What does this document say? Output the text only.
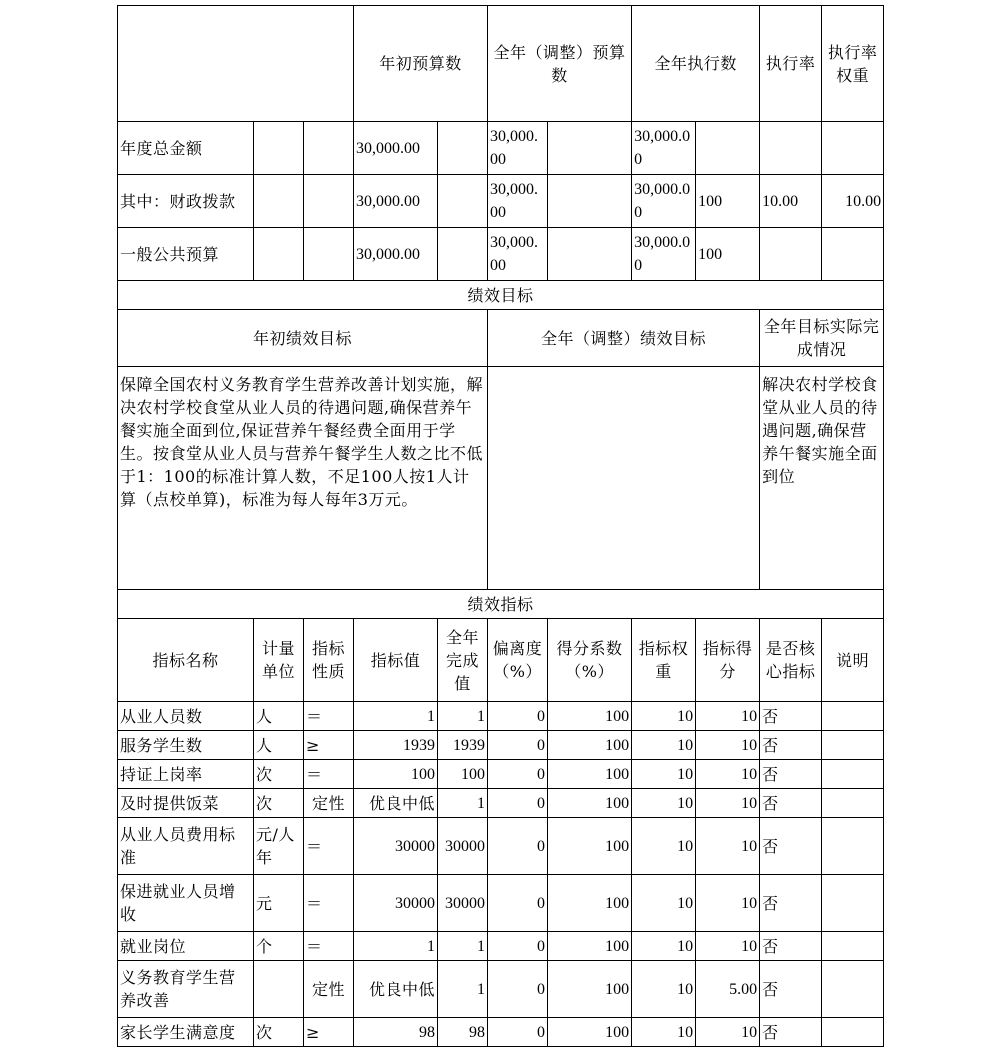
			年初预算数		全年（调整）预算数		全年执行数		执行率	执行率权重	
年度总金额			30,000.00		30,000.00		30,000.00				
其中：财政拨款			30,000.00		30,000.00		30,000.00	100	10.00	10.00	
一般公共预算			30,000.00		30,000.00		30,000.00	100			
绩效目标											
年初绩效目标					全年（调整）绩效目标				全年目标实际完成情况		
保障全国农村义务教育学生营养改善计划实施，解决农村学校食堂从业人员的待遇问题,确保营养午餐实施全面到位,保证营养午餐经费全面用于学生。按食堂从业人员与营养午餐学生人数之比不低于1：100的标准计算人数，不足100人按1人计算（点校单算)，标准为每人每年3万元。									解决农村学校食堂从业人员的待遇问题,确保营养午餐实施全面到位		
绩效指标											
指标名称	计量单位	指标性质	指标值	全年完成值	偏离度（%）	得分系数（%）	指标权重	指标得分	是否核心指标	说明	
从业人员数	人	＝	1	1	0	100	10	10	否		
服务学生数	人	≥	1939	1939	0	100	10	10	否		
持证上岗率	次	＝	100	100	0	100	10	10	否		
及时提供饭菜	次	定性	优良中低	1	0	100	10	10	否		
从业人员费用标准	元/人年	＝	30000	30000	0	100	10	10	否		
保进就业人员增收	元	＝	30000	30000	0	100	10	10	否		
就业岗位	个	＝	1	1	0	100	10	10	否		
义务教育学生营养改善		定性	优良中低	1	0	100	10	5.00	否		
家长学生满意度	次	≥	98	98	0	100	10	10	否		
